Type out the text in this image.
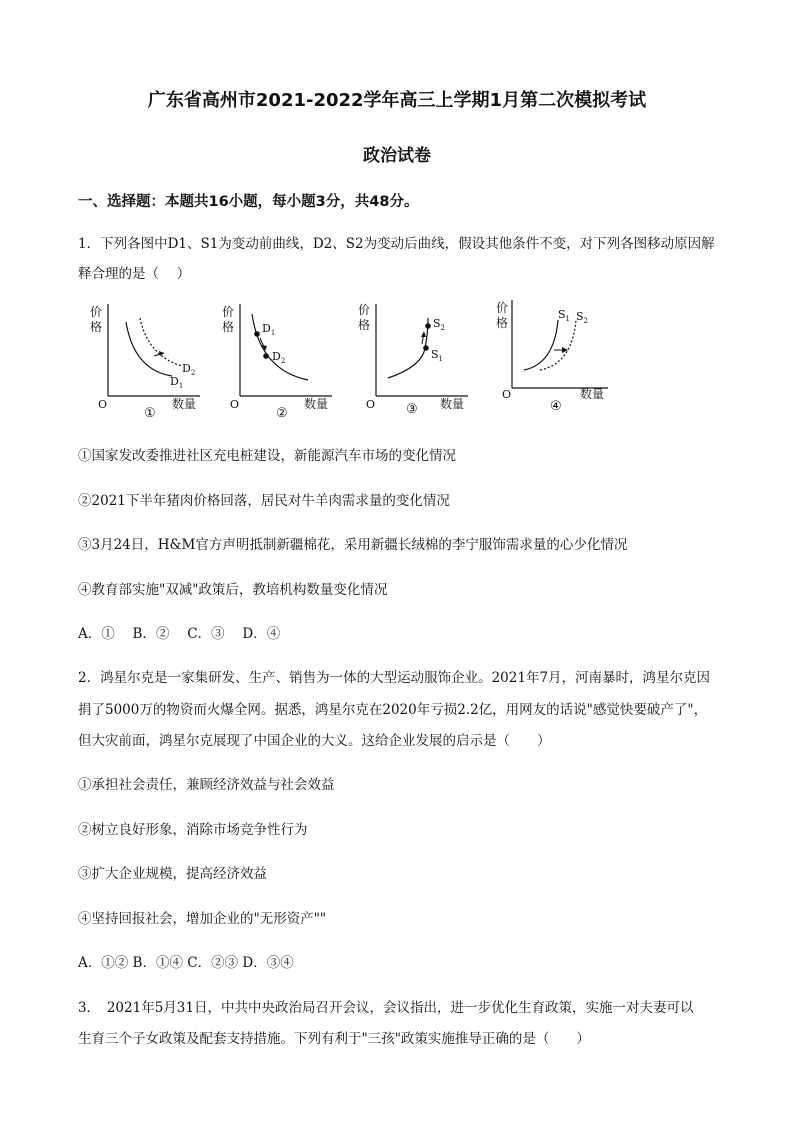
广东省高州市2021-2022学年高三上学期1月第二次模拟考试
政治试卷
一、选择题：本题共16小题，每小题3分，共48分。
1．下列各图中D1、S1为变动前曲线，D2、S2为变动后曲线，假设其他条件不变，对下列各图移动原因解
释合理的是（　 ）
价
格
O	数量
$D_2$
$D_1$
①
价
格
O	数量
$D_1$
$D_2$
②
价
格
O	数量
$S_2$
$S_1$
③
价
格
O	数量
$S_1$ $S_2$
④
①国家发改委推进社区充电桩建设，新能源汽车市场的变化情况
②2021下半年猪肉价格回落，居民对牛羊肉需求量的变化情况
③3月24日，H&M官方声明抵制新疆棉花，采用新疆长绒棉的李宁服饰需求量的心少化情况
④教育部实施"双减"政策后，教培机构数量变化情况
A．①　 B．②　 C．③　 D．④
2．鸿星尔克是一家集研发、生产、销售为一体的大型运动服饰企业。2021年7月，河南暴时，鸿星尔克因
捐了5000万的物资而火爆全网。据悉，鸿星尔克在2020年亏损2.2亿，用网友的话说"感觉快要破产了"，
但大灾前面，鸿星尔克展现了中国企业的大义。这给企业发展的启示是（　　）
①承担社会责任，兼顾经济效益与社会效益
②树立良好形象，消除市场竞争性行为
③扩大企业规模，提高经济效益
④坚持回报社会，增加企业的"无形资产""
A．①② B．①④ C．②③ D．③④
3．　2021年5月31日，中共中央政治局召开会议，会议指出，进一步优化生育政策，实施一对夫妻可以
生育三个子女政策及配套支持措施。下列有利于"三孩"政策实施推导正确的是（　　）
